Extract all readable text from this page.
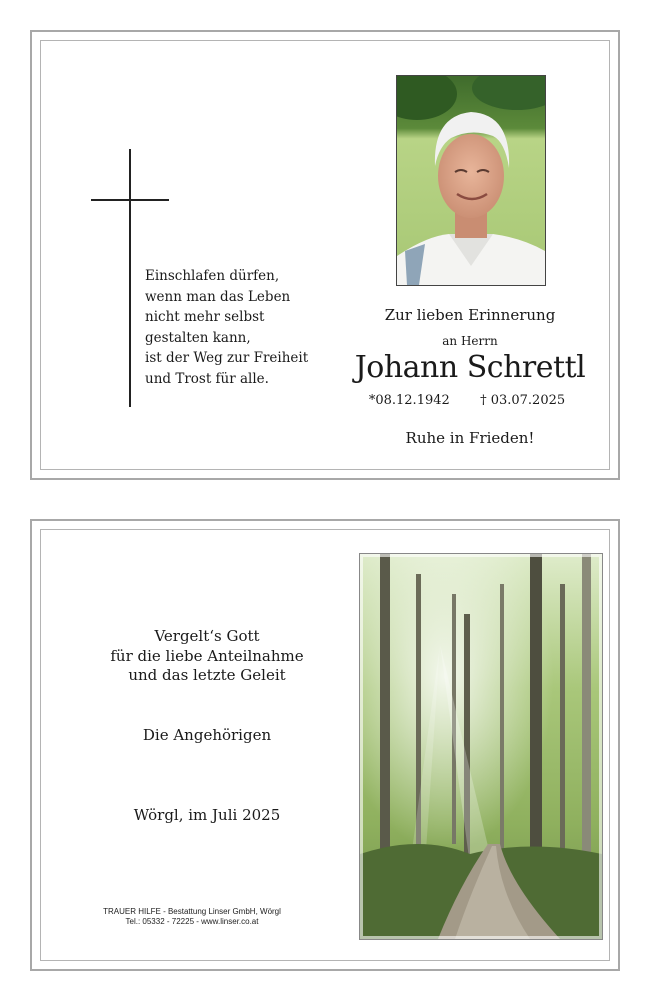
Einschlafen dürfen,
wenn man das Leben
nicht mehr selbst
gestalten kann,
ist der Weg zur Freiheit
und Trost für alle.
Zur lieben Erinnerung
an Herrn
Johann Schrettl
*08.12.1942 † 03.07.2025
Ruhe in Frieden!
Vergelt‘s Gott
für die liebe Anteilnahme
und das letzte Geleit
Die Angehörigen
Wörgl, im Juli 2025
TRAUER HILFE - Bestattung Linser GmbH, Wörgl
Tel.: 05332 - 72225 - www.linser.co.at
